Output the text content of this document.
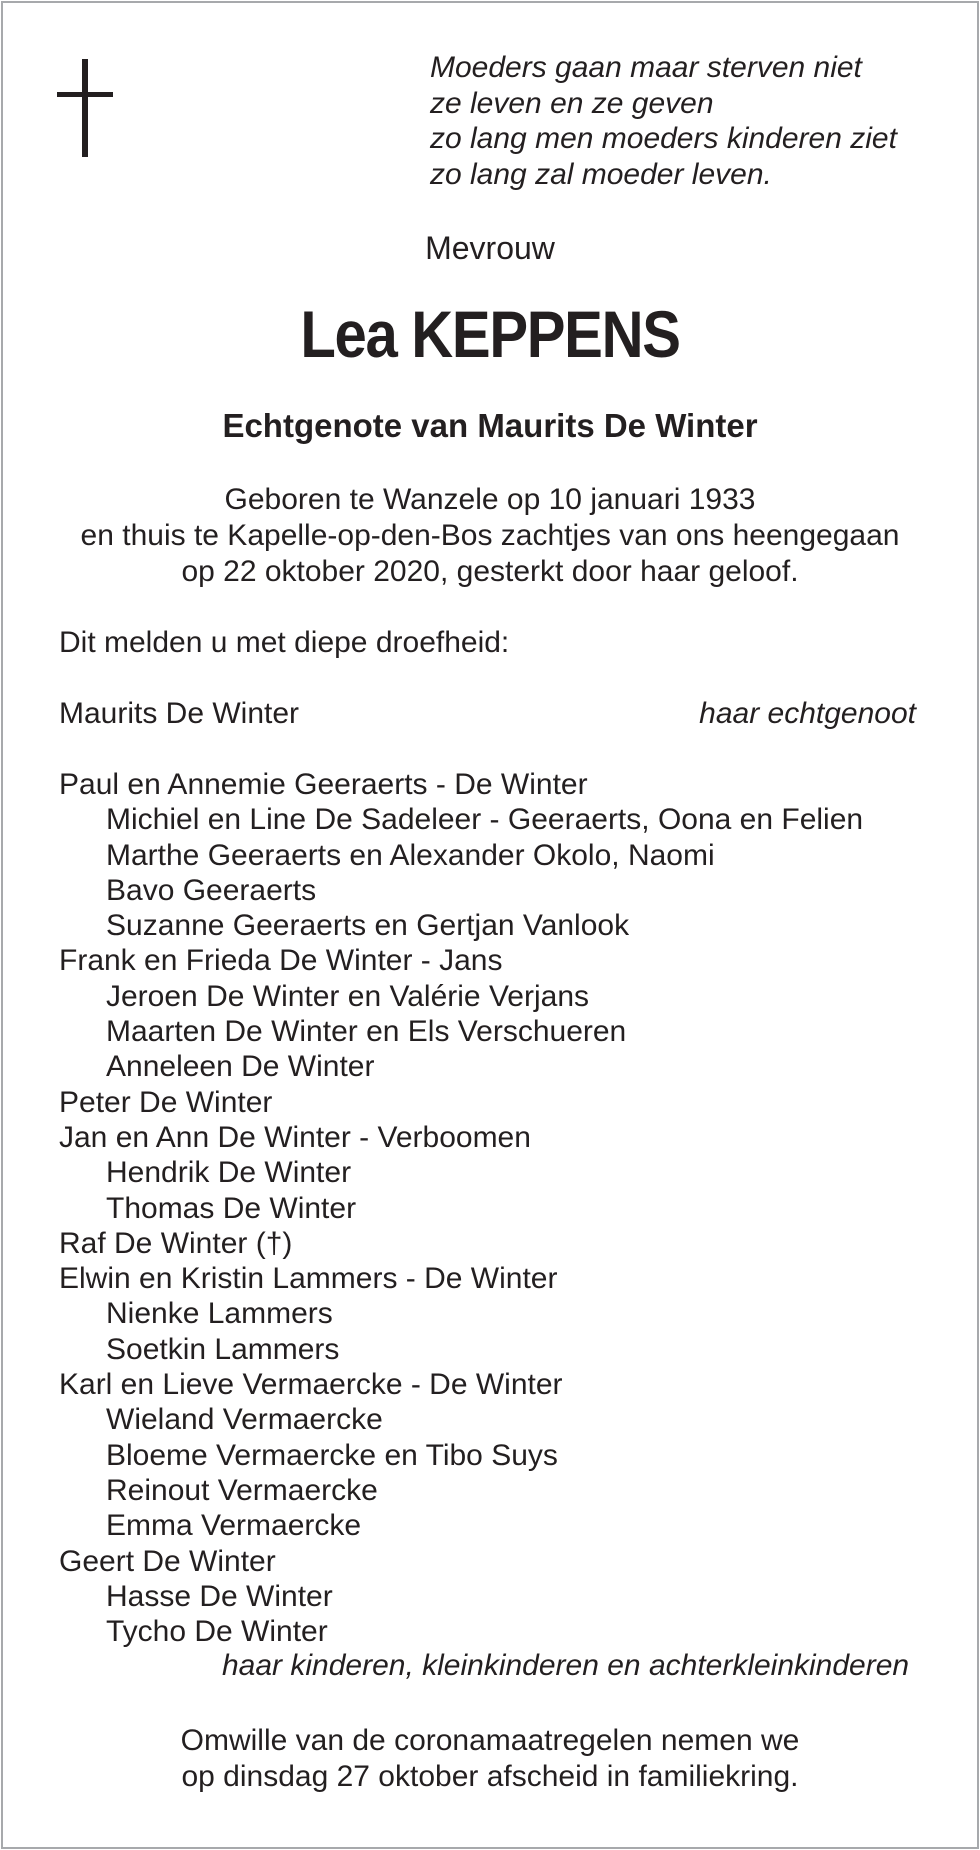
Moeders gaan maar sterven niet
ze leven en ze geven
zo lang men moeders kinderen ziet
zo lang zal moeder leven.
Mevrouw
Lea KEPPENS
Echtgenote van Maurits De Winter
Geboren te Wanzele op 10 januari 1933
en thuis te Kapelle-op-den-Bos zachtjes van ons heengegaan
op 22 oktober 2020, gesterkt door haar geloof.
Dit melden u met diepe droefheid:
Maurits De Winter	haar echtgenoot
Paul en Annemie Geeraerts - De Winter
Michiel en Line De Sadeleer - Geeraerts, Oona en Felien
Marthe Geeraerts en Alexander Okolo, Naomi
Bavo Geeraerts
Suzanne Geeraerts en Gertjan Vanlook
Frank en Frieda De Winter - Jans
Jeroen De Winter en Valérie Verjans
Maarten De Winter en Els Verschueren
Anneleen De Winter
Peter De Winter
Jan en Ann De Winter - Verboomen
Hendrik De Winter
Thomas De Winter
Raf De Winter (†)
Elwin en Kristin Lammers - De Winter
Nienke Lammers
Soetkin Lammers
Karl en Lieve Vermaercke - De Winter
Wieland Vermaercke
Bloeme Vermaercke en Tibo Suys
Reinout Vermaercke
Emma Vermaercke
Geert De Winter
Hasse De Winter
Tycho De Winter
haar kinderen, kleinkinderen en achterkleinkinderen
Omwille van de coronamaatregelen nemen we
op dinsdag 27 oktober afscheid in familiekring.
